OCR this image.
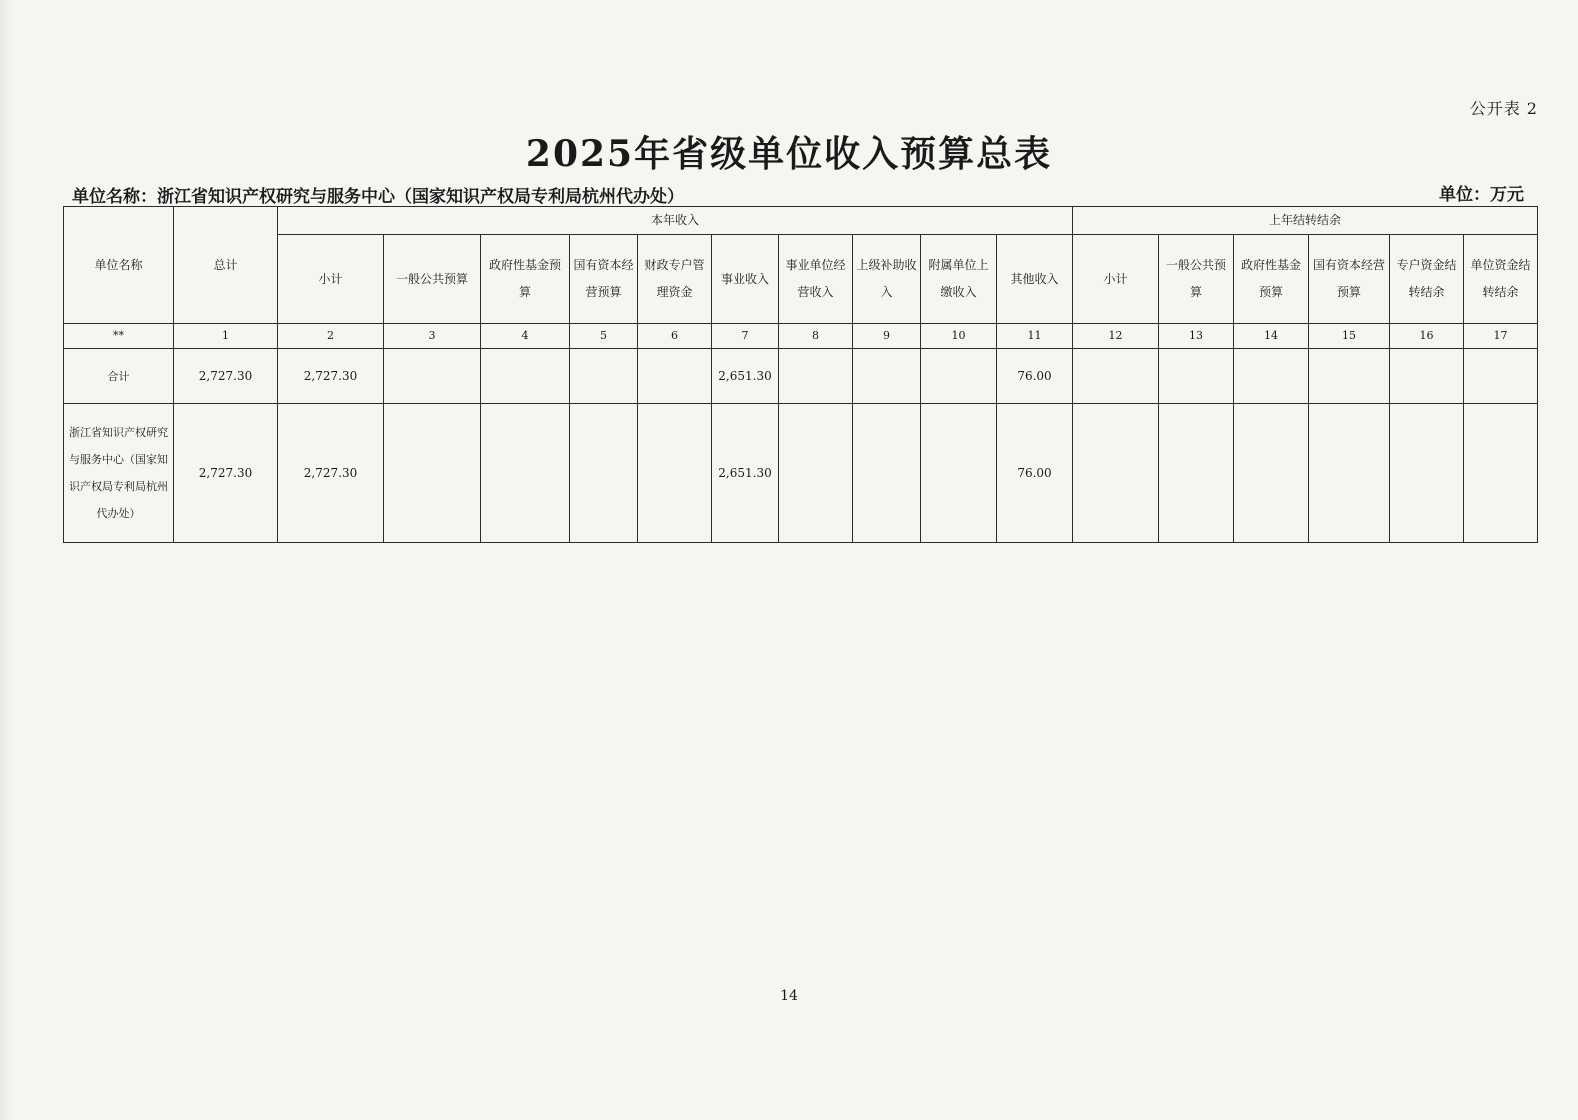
公开表 2
2025年省级单位收入预算总表
单位名称：浙江省知识产权研究与服务中心（国家知识产权局专利局杭州代办处）	单位：万元
单位名称	总计	本年收入										上年结转结余					
		小计	一般公共预算	政府性基金预算	国有资本经营预算	财政专户管理资金	事业收入	事业单位经营收入	上级补助收入	附属单位上缴收入	其他收入	小计	一般公共预算	政府性基金预算	国有资本经营预算	专户资金结转结余	单位资金结转结余
**	1	2	3	4	5	6	7	8	9	10	11	12	13	14	15	16	17
合计	2,727.30	2,727.30					2,651.30				76.00						
浙江省知识产权研究与服务中心（国家知识产权局专利局杭州代办处）	2,727.30	2,727.30					2,651.30				76.00						
14
